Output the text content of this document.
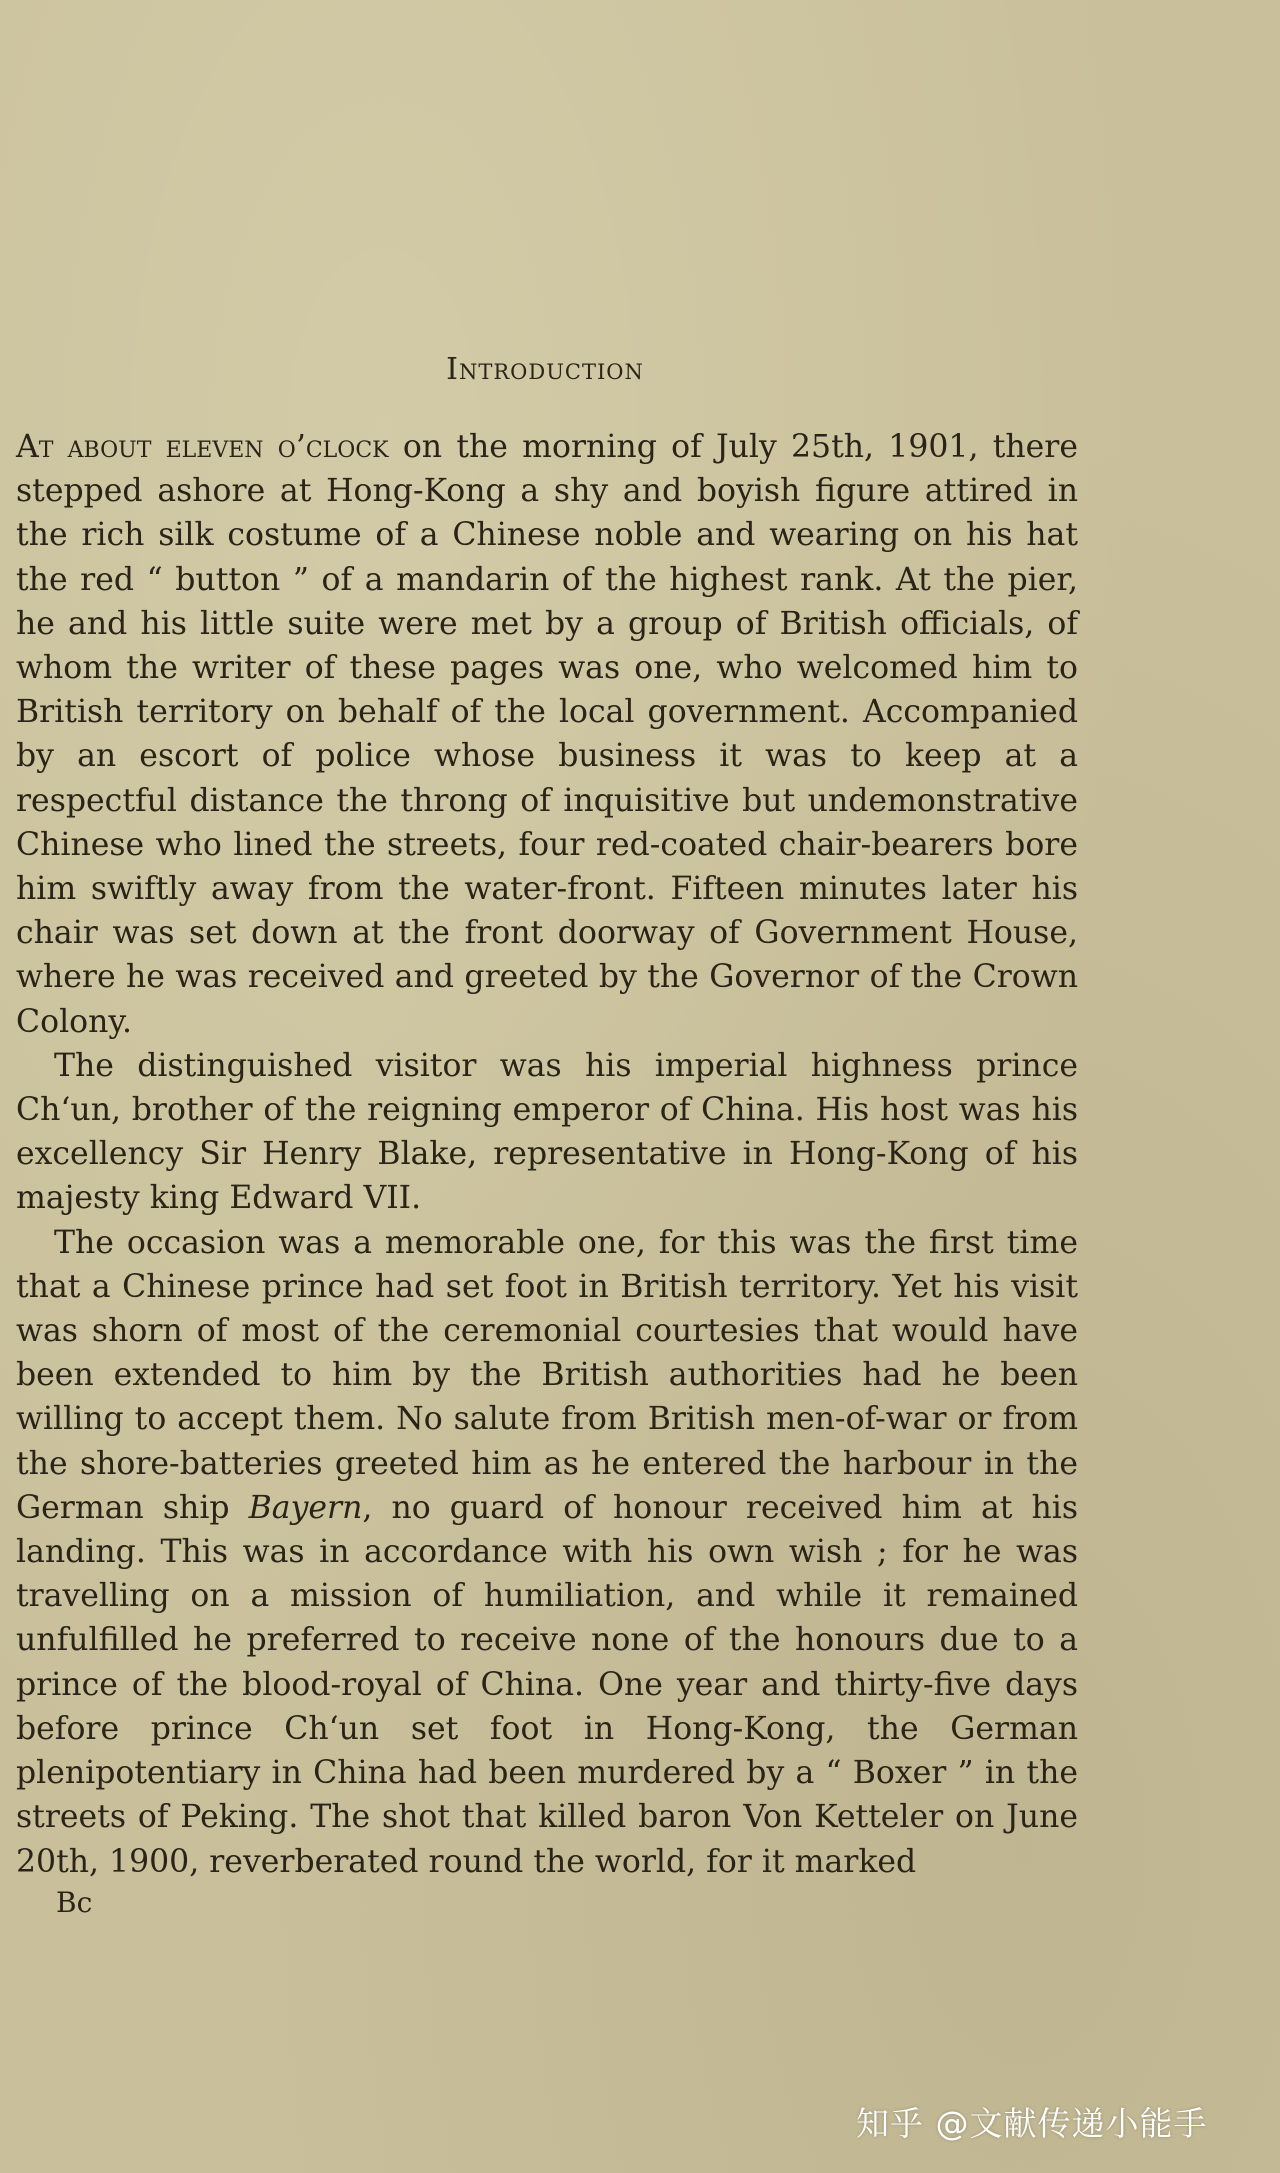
Introduction

At about eleven o’clock on the morning of July 25th, 1901, there stepped ashore at Hong-Kong a shy and boyish figure attired in the rich silk costume of a Chinese noble and wearing on his hat the red “ button ” of a mandarin of the highest rank. At the pier, he and his little suite were met by a group of British officials, of whom the writer of these pages was one, who welcomed him to British territory on behalf of the local government. Accompanied by an escort of police whose business it was to keep at a respectful distance the throng of inquisitive but undemonstrative Chinese who lined the streets, four red-coated chair-bearers bore him swiftly away from the water-front. Fifteen minutes later his chair was set down at the front doorway of Government House, where he was received and greeted by the Governor of the Crown Colony.

The distinguished visitor was his imperial highness prince Ch‘un, brother of the reigning emperor of China. His host was his excellency Sir Henry Blake, representative in Hong-Kong of his majesty king Edward VII.

The occasion was a memorable one, for this was the first time that a Chinese prince had set foot in British territory. Yet his visit was shorn of most of the ceremonial courtesies that would have been extended to him by the British authorities had he been willing to accept them. No salute from British men-of-war or from the shore-batteries greeted him as he entered the harbour in the German ship Bayern, no guard of honour received him at his landing. This was in accordance with his own wish ; for he was travelling on a mission of humiliation, and while it remained unfulfilled he preferred to receive none of the honours due to a prince of the blood-royal of China. One year and thirty-five days before prince Ch‘un set foot in Hong-Kong, the German plenipotentiary in China had been murdered by a “ Boxer ” in the streets of Peking. The shot that killed baron Von Ketteler on June 20th, 1900, reverberated round the world, for it marked

Bc
知乎 @文献传递小能手
